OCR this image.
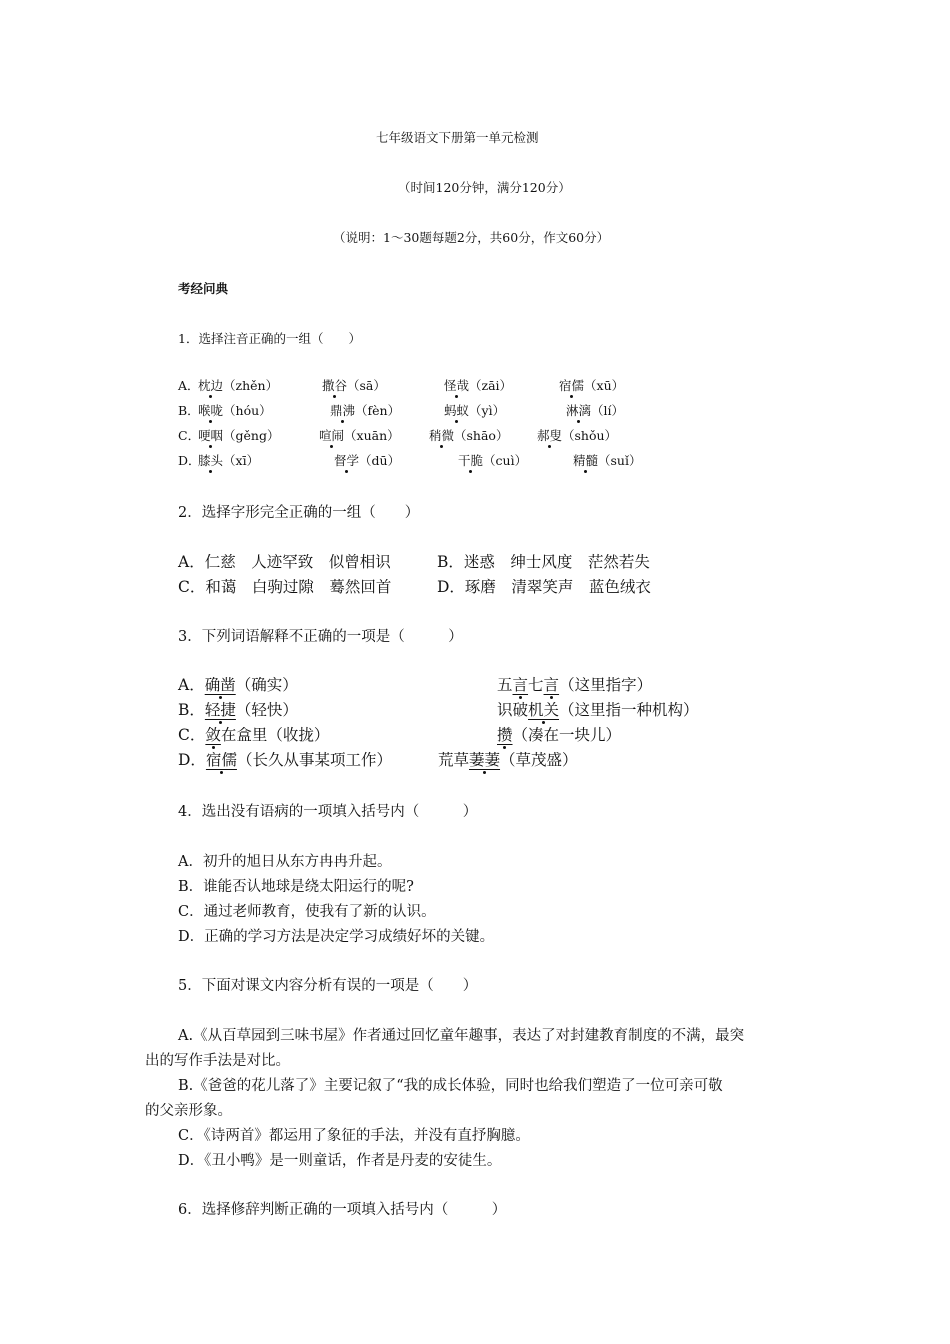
七年级语文下册第一单元检测
（时间120分钟，满分120分）
（说明：1～30题每题2分，共60分，作文60分）
考经问典
1．选择注音正确的一组（　　）
A．
枕边（zhěn）	撒谷（sā）	怪哉（zāi）	宿儒（xū）
B．
喉咙（hóu）	鼎沸（fèn）	蚂蚁（yì）	淋漓（lí）
C．
哽咽（gěng）	喧闹（xuān） 稍微（shāo） 郝叟（shǒu）
D．
膝头（xī）	督学（dū）	干脆（cuì）	精髓（suǐ）
2．选择字形完全正确的一组（　　）
A．仁慈　人迹罕致　似曾相识	B．迷惑　绅士风度　茫然若失
C．和蔼　白驹过隙　蓦然回首	D．琢磨　清翠笑声　蓝色绒衣
3．下列词语解释不正确的一项是（　　　）
A．确凿（确实）	五言七言（这里指字）
B．轻捷（轻快）	识破机关（这里指一种机构）
C．敛在盒里（收拢）	攒（凑在一块儿）
D．宿儒（长久从事某项工作）	荒草萋萋（草茂盛）
4．选出没有语病的一项填入括号内（　　　）
A．初升的旭日从东方冉冉升起。
B．谁能否认地球是绕太阳运行的呢?
C．通过老师教育，使我有了新的认识。
D．正确的学习方法是决定学习成绩好坏的关键。
5．下面对课文内容分析有误的一项是（　　）
A.《从百草园到三味书屋》作者通过回忆童年趣事，表达了对封建教育制度的不满，最突
出的写作手法是对比。
B.《爸爸的花儿落了》主要记叙了“我的成长体验，同时也给我们塑造了一位可亲可敬
的父亲形象。
C．《诗两首》都运用了象征的手法，并没有直抒胸臆。
D．《丑小鸭》是一则童话，作者是丹麦的安徒生。
6．选择修辞判断正确的一项填入括号内（　　　）
